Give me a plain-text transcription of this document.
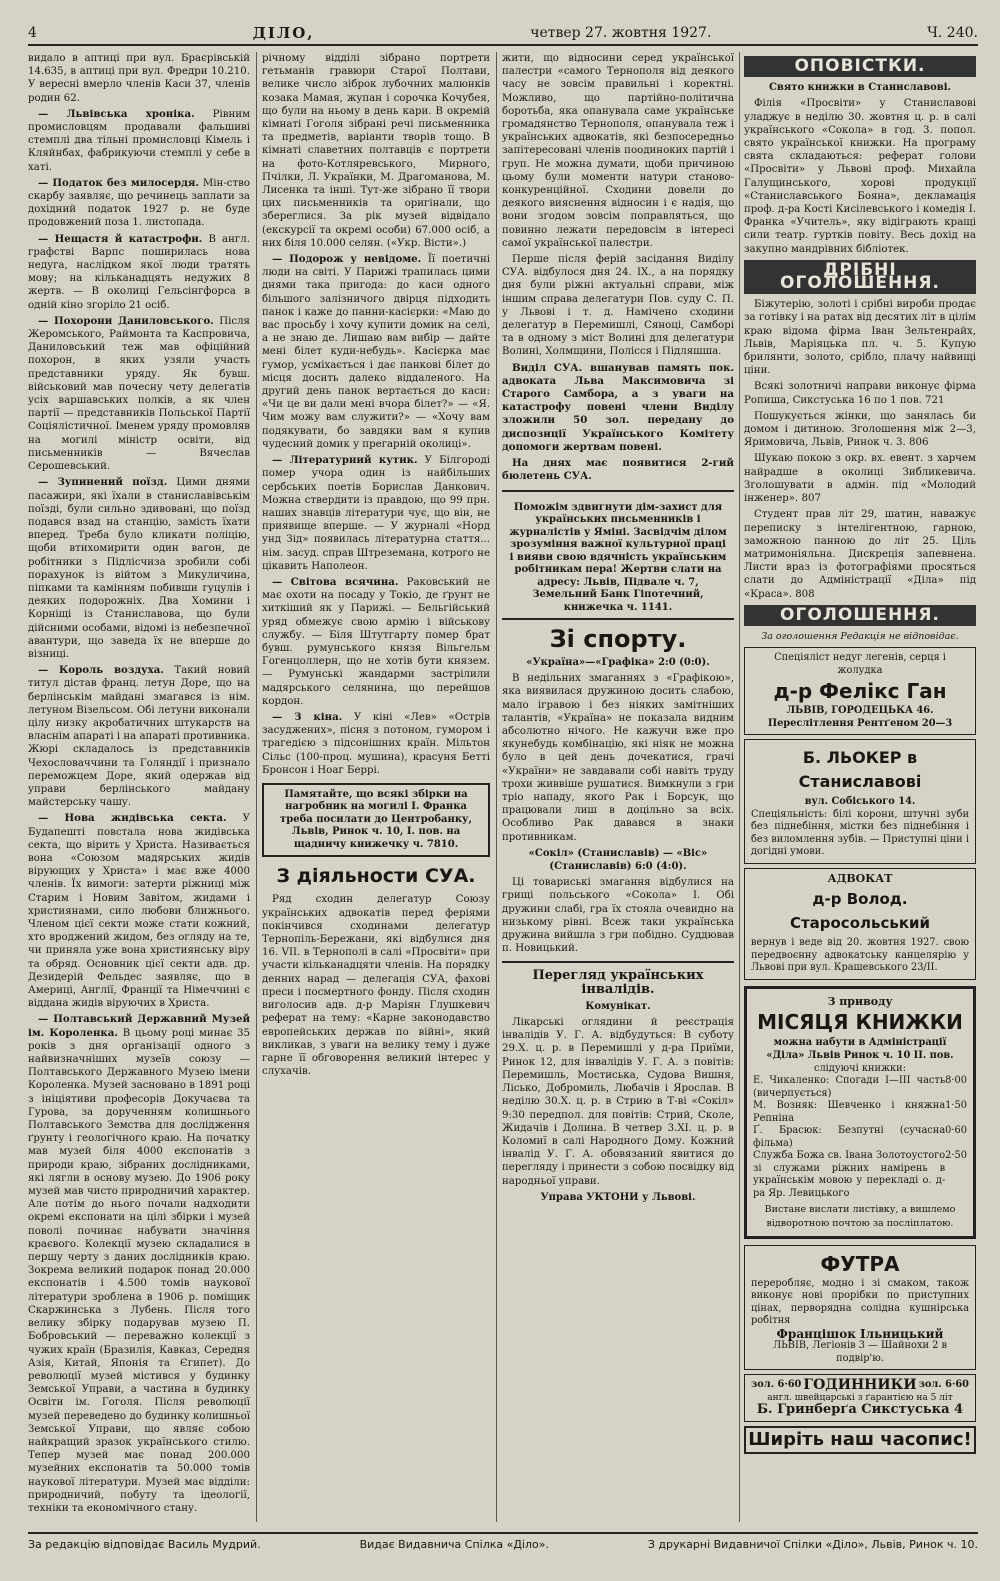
4	ДІЛО,	четвер 27. жовтня 1927.	Ч. 240.

видало в аптиці при вул. Браєрівській 14.635, в аптиці при вул. Фредри 10.210. У вересні вмерло членів Каси 37, членів родин 62.

— Львівська хроніка. Рівним промисловцям продавали фальшиві стемплі два тільні промисловці Кімель і Кляйнбах, фабрикуючи стемплі у себе в хаті.

— Податок без милосердя. Мін-ство скарбу заявляє, що речинець заплати за дохідний податок 1927 р. не буде продовжений поза 1. листопада.

— Нещастя й катастрофи. В англ. графстві Варпс поширилась нова недуга, наслідком якої люди тратять мову; на кільканадцять недужих 8 жертв. — В околиці Гельсінгфорса в одній кіно згоріло 21 осіб.

— Похорони Даниловського. Після Жеромського, Раймонта та Каспровича, Даниловський теж мав офіційний похорон, в яких узяли участь представники уряду. Як бувш. військовий мав почесну чету делегатів усіх варшавських полків, а як член партії — представників Польської Партії Соціялістичної. Іменем уряду промовляв на могилі міністр освіти, від письменників — Вячеслав Серошевський.

— Зупинений поїзд. Цими днями пасажири, які їхали в станиславівськім поїзді, були сильно здивовані, що поїзд подався взад на станцію, замість їхати вперед. Треба було кликати поліцію, щоби втихомирити один вагон, де робітники з Підлісчиза зробили собі порахунок із війтом з Микуличина, піпками та камінням побивши гуцулів і деяких подорожніх. Два Хомини і Корніщі із Станиславова, що були дійсними особами, відомі із небезпечної авантури, що заведа їх не вперше до візниці.

— Король воздуха. Такий новий титул дістав франц. летун Доре, що на берлінськім майдані змагався із нім. летуном Візельсом. Обі летуни виконали цілу низку акробатичних штукарств на власнім апараті і на апараті противника. Жюрі складалось із представників Чехословаччини та Голяндії і признало переможцем Доре, який одержав від управи берлінського майдану майстерську чашу.

— Нова жидівська секта. У Будапешті повстала нова жидівська секта, що вірить у Христа. Називається вона «Союзом мадярських жидів вірующих у Христа» і має вже 4000 членів. Їх вимоги: затерти ріжниці між Старим і Новим Завітом, жидами і християнами, сило любови ближнього. Членом цієї секти може стати кожний, хто вроджений жидом, без огляду на те, чи приняла уже вона християнську віру та обряд. Основник цієї секти адв. др. Дезидерій Фельдес заявляє, що в Америці, Англії, Франції та Німеччині є віддана жидів віруючих в Христа.

— Полтавський Державний Музей ім. Короленка. В цьому році минає 35 років з дня організації одного з найвизначніших музеїв союзу — Полтавського Державного Музею імени Короленка. Музей засновано в 1891 році з ініціятиви професорів Докучаєва та Гурова, за дорученням колишнього Полтавського Земства для дослідження ґрунту і геологічного краю. На початку мав музей біля 4000 експонатів з природи краю, зібраних дослідниками, які лягли в основу музею. До 1906 року музей мав чисто природничий характер. Але потім до нього почали надходити окремі експонати на цілі збірки і музей поволі починає набувати значіння краєвого. Колекції музею складалися в першу черту з даних дослідників краю. Зокрема великий подарок понад 20.000 експонатів і 4.500 томів наукової літератури зроблена в 1906 р. поміщик Скаржинська з Лубень. Після того велику збірку подарував музею П. Бобровський — переважно колекції з чужих країн (Бразилія, Кавказ, Середня Азія, Китай, Японія та Єгипет). До революції музей містився у будинку Земської Управи, а частина в будинку Освіти ім. Гоголя. Після революції музей переведено до будинку колишньої Земської Управи, що являє собою найкращий зразок українського стилю. Тепер музей має понад 200.000 музейних експонатів та 50.000 томів наукової літератури. Музей має відділи: природничий, побуту та ідеології, техніки та економічного стану.

річному відділі зібрано портрети гетьманів гравюри Старої Полтави, велике число зіброк лубочних малюнків козака Мамая, жупан і сорочка Кочубея, що були на ньому в день кари. В окремій кімнаті Гоголя зібрані речі письменника та предметів, варіанти творів тощо. В кімнаті славетних полтавців є портрети на фото-Котляревського, Мирного, Пчілки, Л. Українки, М. Драгоманова, М. Лисенка та інші. Тут-же зібрано її твори цих письменників та оригінали, що збереглися. За рік музей відвідало (екскурсії та окремі особи) 67.000 осіб, а них біля 10.000 селян. («Укр. Вісти».)

— Подорож у невідоме. Її поетичні люди на світі. У Парижі трапилась цими днями така пригода: до каси одного більшого залізничого двірця підходить панок і каже до панни-касієрки: «Маю до вас просьбу і хочу купити домик на селі, а не знаю де. Лишаю вам вибір — дайте мені білет куди-небудь». Касієрка має гумор, усміхається і дає панкові білет до місця досить далеко віддаленого. На другий день панок вертається до каси: «Чи це ви дали мені вчора білет?» — «Я. Чим можу вам служити?» — «Хочу вам подякувати, бо завдяки вам я купив чудесний домик у прегарній околиці».

— Літературний кутик. У Білгороді помер учора один із найбільших сербських поетів Борислав Данкович. Можна ствердити із правдою, що 99 прн. наших знавців літератури чує, що він, не приявище вперше. — У журналі «Норд унд Зід» появилась літературна стаття... нім. засуд. справ Штреземана, котрого не цікавить Наполеон.

— Світова всячина. Раковський не має охоти на посаду у Токіо, де ґрунт не хиткіший як у Парижі. — Бельгійський уряд обмежує свою армію і військову службу. — Біля Штутгарту помер брат бувш. румунського князя Вільгельм Гогенцоллерн, що не хотів бути князем. — Румунські жандарми застрілили мадярського селянина, що перейшов кордон.

— З кіна. У кіні «Лев» «Острів засуджених», пісня з потоном, гумором і трагедією з підсонішних країн. Мільтон Сільс (100-проц. мушина), красуня Бетті Бронсон і Ноаг Беррі.

Памятайте, що всякі збірки на нагробник на могилі І. Франка треба посилати до Центробанку, Львів, Ринок ч. 10, І. пов. на щадничу книжечку ч. 7810.
З діяльности СУА.

Ряд сходин делегатур Союзу українських адвокатів перед феріями покінчився сходинами делегатур Тернопіль-Бережани, які відбулися дня 16. VII. в Тернополі в салі «Просвіти» при участи кільканадцяти членів. На порядку денних нарад — делегація СУА, фахові преси і посмертного фонду. Після сходин виголосив адв. д-р Маріян Глушкевич реферат на тему: «Карне законодавство европейських держав по війні», який викликав, з уваги на велику тему і дуже гарне її обговорення великий інтерес у слухачів.

жити, що відносини серед української палестри «самого Тернополя від деякого часу не зовсім правильні і коректні. Можливо, що партійно-політична боротьба, яка опанувала саме українське громадянство Тернополя, опанувала теж і українських адвокатів, які безпосередньо запітересовані членів поодиноких партій і груп. Не можна думати, щоби причиною цьому були моменти натури станово-конкуренційної. Сходини довели до деякого вияснення відносин і є надія, що вони згодом зовсім поправляться, що повинно лежати передовсім в інтересі самої української палестри.

Перше після ферій засідання Виділу СУА. відбулося дня 24. IX., а на порядку дня були ріжні актуальні справи, між іншим справа делегатури Пов. суду С. П. у Львові і т. д. Намічено сходини делегатур в Перемишлі, Сяноці, Самборі та в одному з міст Волині для делегатури Волині, Холмщини, Полісся і Підляшша.

Виділ СУА. вшанував память пок. адвоката Льва Максимовича зі Старого Самбора, а з уваги на катастрофу повені члени Виділу зложили 50 зол. передану до диспозиції Українського Комітету допомоги жертвам повені.

На днях має появитися 2-гий бюлетень СУА.

Поможім здвигнути дім-захист для українських письменників і журналістів у Яміні. Засвідчім ділом зрозуміння важної культурної праці і вияви свою вдячність українським робітникам пера! Жертви слати на адресу: Львів, Підвале ч. 7, Земельний Банк Гіпотечний, книжечка ч. 1141.
Зі спорту.
«Україна»—«Графіка» 2:0 (0:0).

В недільних змаганнях з «Графікою», яка виявилася дружиною досить слабою, мало ігравою і без ніяких замітніших талантів, «Україна» не показала видним абсолютно нічого. Не кажучи вже про якунебудь комбінацію, які ніяк не можна було в цей день дочекатися, грачі «України» не завдавали собі навіть труду трохи живвіше рушатися. Вимкнули з гри тріо нападу, якого Рак і Борсук, що працювали лиш в доцільно за всіх. Особливо Рак давався в знаки противникам.

«Сокіл» (Станиславів) — «Віс» (Станиславів) 6:0 (4:0).

Ці товариські змагання відбулися на грищі польського «Сокола» І. Обі дружини слабі, гра їх стояла очевидно на низькому рівні. Всеж таки українська дружина вийшла з гри побідно. Суддював п. Новицький.

Перегляд українських інвалідів.
Комунікат.

Лікарські оглядини й реєстрація інвалідів У. Г. А. відбудуться: В суботу 29.Х. ц. р. в Перемишлі у д-ра Приїми, Ринок 12, для інвалідів У. Г. А. з повітів: Перемишль, Мостиська, Судова Вишня, Лісько, Добромиль, Любачів і Ярослав. В неділю 30.Х. ц. р. в Стрию в Т-ві «Сокіл» 9:30 передпол. для повітів: Стрий, Сколе, Жидачів і Долина. В четвер 3.ХІ. ц. р. в Коломиї в салі Народного Дому. Кожний інвалід У. Г. А. обовязаний явитися до перегляду і принести з собою посвідку від народньої управи.

Управа УКТОНИ у Львові.
ОПОВІСТКИ.
Свято книжки в Станиславові.

Філія «Просвіти» у Станиславові уладжує в неділю 30. жовтня ц. р. в салі українського «Сокола» в год. 3. попол. свято української книжки. На програму свята складаються: реферат голови «Просвіти» у Львові проф. Михайла Галущинського, хорові продукції «Станиславського Бояна», декламація проф. д-ра Кості Кисілевського і комедія І. Франка «Учитель», яку відіграють кращі сили театр. гуртків повіту. Весь дохід на закупно мандрівних бібліотек.

ДРІБНІ ОГОЛОШЕННЯ.

Біжутерію, золоті і срібні вироби продає за готівку і на ратах від десятих літ в цілім краю відома фірма Іван Зельтенрайх, Львів, Маріяцька пл. ч. 5. Купую брилянти, золото, срібло, плачу найвищі ціни.

Всякі золотничі направи виконує фірма Ропиша, Сикстуська 16 по 1 пов. 721

Пошукується жінки, що занялась би домом і дитиною. Зголошення між 2—3, Яримовича, Львів, Ринок ч. 3. 806

Шукаю покою з окр. вх. евент. з харчем найрадше в околиці Зибликевича. Зголошувати в адмін. під «Молодий інженер». 807

Студент прав літ 29, шатин, наважує переписку з інтелігентною, гарною, заможною панною до літ 25. Ціль матримоніяльна. Дискреція запевнена. Листи враз із фотографіями просяться слати до Адміністрації «Діла» під «Краса». 808

ОГОЛОШЕННЯ.
За оголошення Редакція не відповідає.
Спеціяліст недуг легенів, серця і жолудка
д-р Фелікс Ган
ЛЬВІВ, ГОРОДЕЦЬКА 46.
Переслітлення Рентґеном 20—3
Б. ЛЬОКЕР в Станиславові
вул. Собіського 14.
Спеціяльність: білі корони, штучні зуби без піднебіння, містки без піднебіння і без виломлення зубів. — Приступні ціни і догідні умови.
АДВОКАТ
д-р Волод. Старосольський
вернув і веде від 20. жовтня 1927. свою передвоєнну адвокатську канцелярію у Львові при вул. Крашевського 23/II.
З приводу
МІСЯЦЯ КНИЖКИ
можна набути в Адміністрації «Діла» Львів Ринок ч. 10 II. пов.
слідуючі книжки:
Е. Чикаленко: Спогади I—III часть (вичерпується)
8·00
М. Возняк: Шевченко і княжна Репніна
1·50
Ґ. Брасюк: Безпутні (сучасна фільма)
0·60
Служба Божа св. Івана Золотоустого зі служами ріжних намірень в українськім мовою у перекладі о. д-ра Яр. Левицького
2·50
Вистане вислати листівку, а вишлемо відворотною почтою за посліплатою.
ФУТРА
переробляє, модно і зі смаком, також виконує нові прорібки по приступних цінах, перворядна солідна кушнірська робітня
Францішок Ільницький
ЛЬВІВ, Легіонів 3 — Шайнохи 2 в подвір'ю.
зол. 6·60 ГОДИННИКИ зол. 6·60
англ. швейцарські з ґарантією на 5 літ
Б. Гринберґа Сикстуська 4
Ширіть наш часопис!
За редакцію відповідає Василь Мудрий.	Видає Видавнича Спілка «Діло».	З друкарні Видавничої Спілки «Діло», Львів, Ринок ч. 10.
